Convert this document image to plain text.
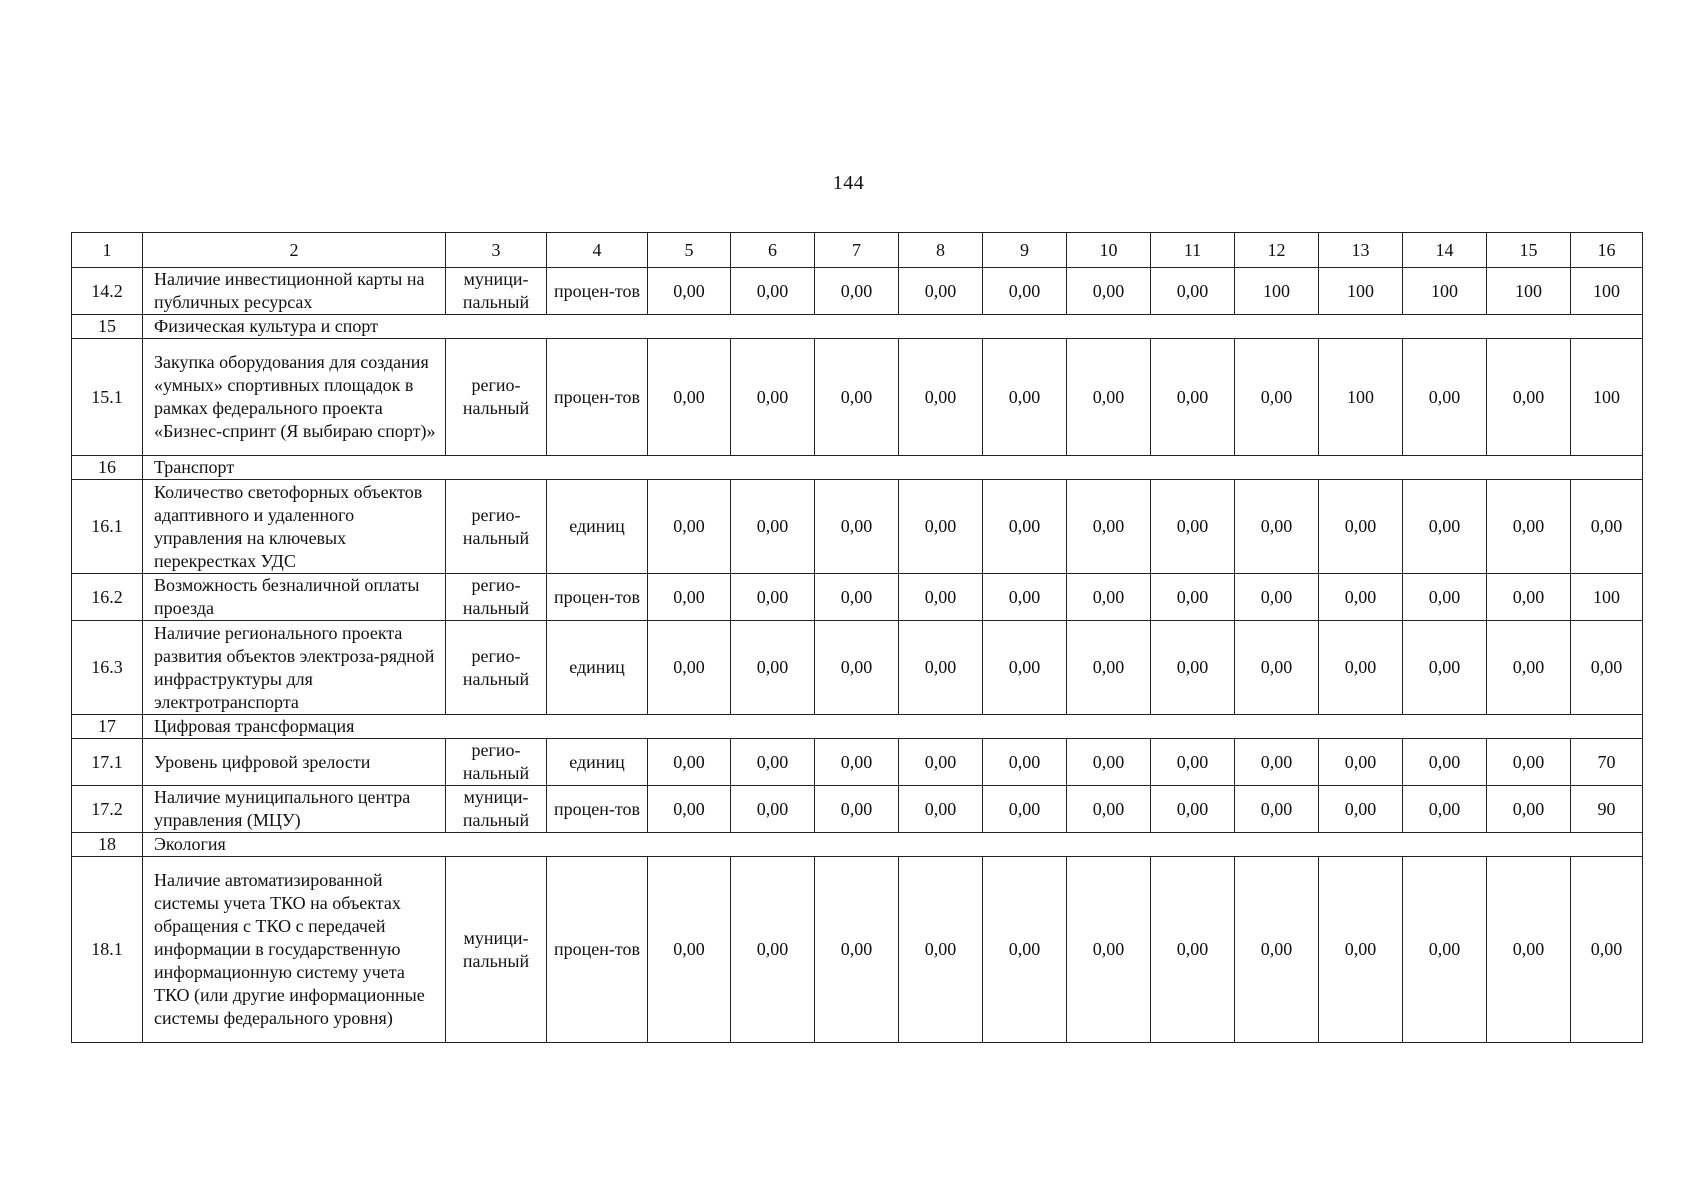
144
1	2	3	4	5	6	7	8	9	10	11	12	13	14	15	16
14.2	Наличие инвестиционной карты на публичных ресурсах	муници-пальный	процен-тов	0,00	0,00	0,00	0,00	0,00	0,00	0,00	100	100	100	100	100
15	Физическая культура и спорт														
15.1	Закупка оборудования для создания «умных» спортивных площадок в рамках федерального проекта «Бизнес-спринт (Я выбираю спорт)»	регио-нальный	процен-тов	0,00	0,00	0,00	0,00	0,00	0,00	0,00	0,00	100	0,00	0,00	100
16	Транспорт														
16.1	Количество светофорных объектов адаптивного и удаленного управления на ключевых перекрестках УДС	регио-нальный	единиц	0,00	0,00	0,00	0,00	0,00	0,00	0,00	0,00	0,00	0,00	0,00	0,00
16.2	Возможность безналичной оплаты проезда	регио-нальный	процен-тов	0,00	0,00	0,00	0,00	0,00	0,00	0,00	0,00	0,00	0,00	0,00	100
16.3	Наличие регионального проекта развития объектов электроза-рядной инфраструктуры для электротранспорта	регио-нальный	единиц	0,00	0,00	0,00	0,00	0,00	0,00	0,00	0,00	0,00	0,00	0,00	0,00
17	Цифровая трансформация														
17.1	Уровень цифровой зрелости	регио-нальный	единиц	0,00	0,00	0,00	0,00	0,00	0,00	0,00	0,00	0,00	0,00	0,00	70
17.2	Наличие муниципального центра управления (МЦУ)	муници-пальный	процен-тов	0,00	0,00	0,00	0,00	0,00	0,00	0,00	0,00	0,00	0,00	0,00	90
18	Экология														
18.1	Наличие автоматизированной системы учета ТКО на объектах обращения с ТКО с передачей информации в государственную информационную систему учета ТКО (или другие информационные системы федерального уровня)	муници-пальный	процен-тов	0,00	0,00	0,00	0,00	0,00	0,00	0,00	0,00	0,00	0,00	0,00	0,00
